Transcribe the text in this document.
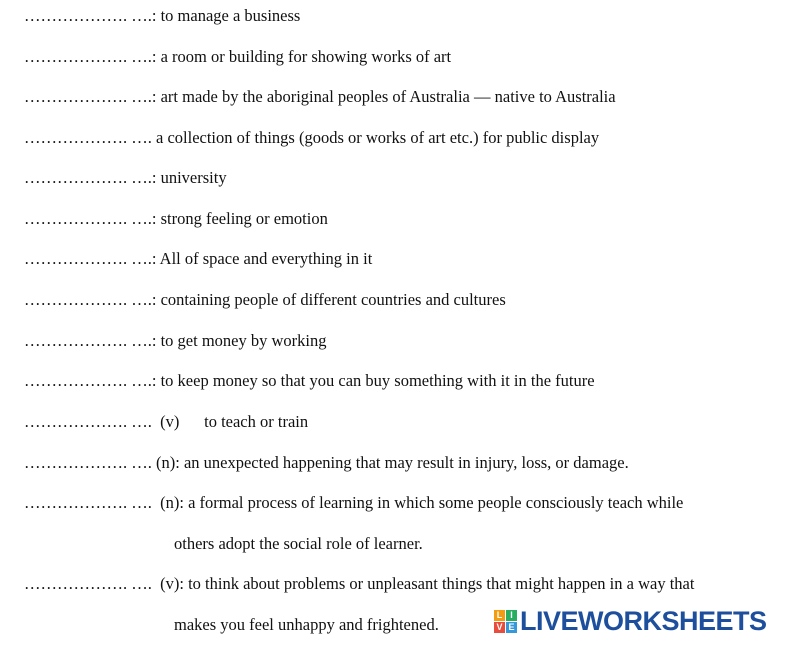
………………. ….: to manage a business
………………. ….: a room or building for showing works of art
………………. ….: art made by the aboriginal peoples of Australia — native to Australia
………………. …. a collection of things (goods or works of art etc.) for public display
………………. ….: university
………………. ….: strong feeling or emotion
………………. ….: All of space and everything in it
………………. ….: containing people of different countries and cultures
………………. ….: to get money by working
………………. ….: to keep money so that you can buy something with it in the future
………………. ….  (v)      to teach or train
………………. …. (n): an unexpected happening that may result in injury, loss, or damage.
………………. ….  (n): a formal process of learning in which some people consciously teach while
others adopt the social role of learner.
………………. ….  (v): to think about problems or unpleasant things that might happen in a way that
makes you feel unhappy and frightened.	L I
V E LIVEWORKSHEETS
